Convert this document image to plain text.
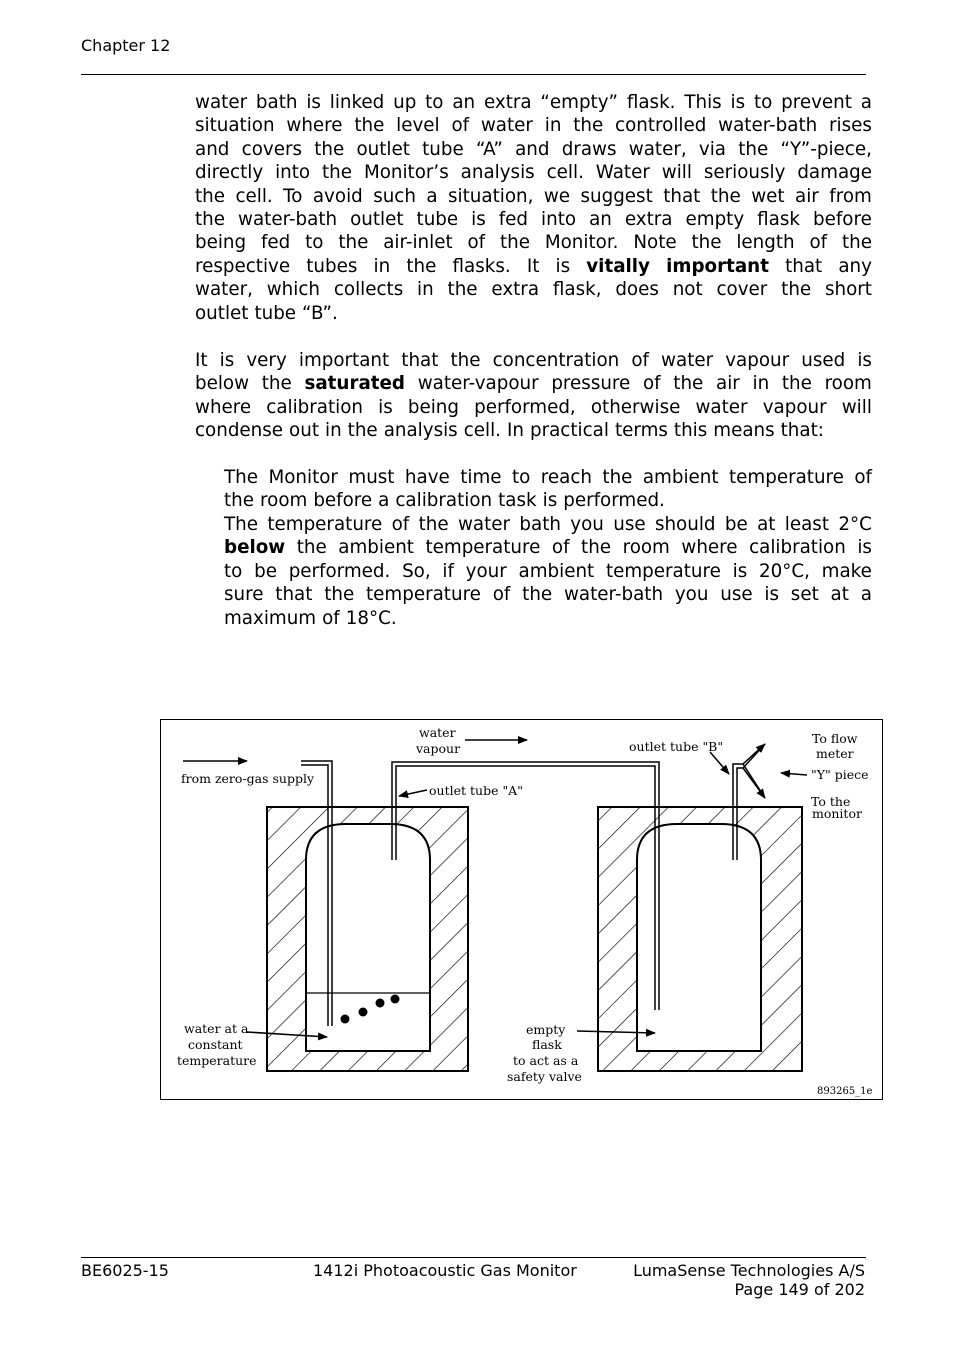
Chapter 12
water bath is linked up to an extra “empty” flask. This is to prevent a
situation where the level of water in the controlled water-bath rises
and covers the outlet tube “A” and draws water, via the “Y”-piece,
directly into the Monitor’s analysis cell. Water will seriously damage
the cell. To avoid such a situation, we suggest that the wet air from
the water-bath outlet tube is fed into an extra empty flask before
being fed to the air-inlet of the Monitor. Note the length of the
respective tubes in the flasks. It is vitally important that any
water, which collects in the extra flask, does not cover the short
outlet tube “B”.
It is very important that the concentration of water vapour used is
below the saturated water-vapour pressure of the air in the room
where calibration is being performed, otherwise water vapour will
condense out in the analysis cell. In practical terms this means that:
The Monitor must have time to reach the ambient temperature of
the room before a calibration task is performed.
The temperature of the water bath you use should be at least 2°C
below the ambient temperature of the room where calibration is
to be performed. So, if your ambient temperature is 20°C, make
sure that the temperature of the water-bath you use is set at a
maximum of 18°C.
from zero-gas supply
water
vapour
outlet tube "A"
outlet tube "B"
To flow
meter
"Y" piece
To the
monitor
water at a
constant
temperature
empty
flask
to act as a
safety valve
893265_1e
BE6025-15	1412i Photoacoustic Gas Monitor	LumaSense Technologies A/S
Page 149 of 202
